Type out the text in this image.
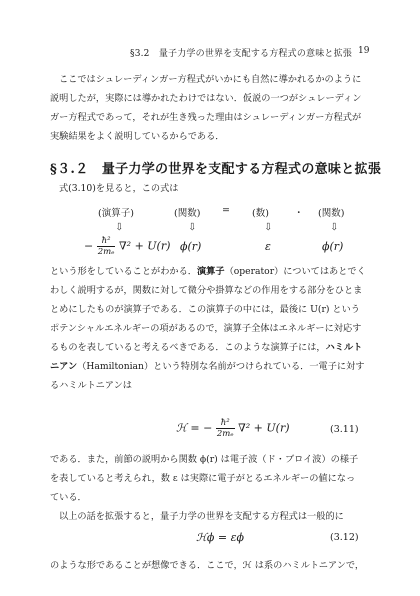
§3.2　量子力学の世界を支配する方程式の意味と拡張 19
ここではシュレーディンガー方程式がいかにも自然に導かれるかのように
説明したが，実際には導かれたわけではない．仮説の一つがシュレーディン
ガー方程式であって，それが生き残った理由はシュレーディンガー方程式が
実験結果をよく説明しているからである．
§３.２　量子力学の世界を支配する方程式の意味と拡張
式(3.10)を見ると，この式は
(演算子)	(関数) = (数)	・ (関数)
⇩	⇩	⇩	⇩
− $\frac{\text{ħ²}}{\text{2mₑ}} \nabla^2 + U(r)$ ϕ(r)	ε	ϕ(r)
という形をしていることがわかる．演算子（operator）についてはあとでく
わしく説明するが，関数に対して微分や掛算などの作用をする部分をひとま
とめにしたものが演算子である．この演算子の中には，最後に U(r) という
ポテンシャルエネルギーの項があるので，演算子全体はエネルギーに対応す
るものを表していると考えるべきである．このような演算子には，ハミルト
ニアン（Hamiltonian）という特別な名前がつけられている．一電子に対す
るハミルトニアンは
ℋ = − $\frac{\text{ħ²}}{\text{2mₑ}} \nabla^2 + U(r)$	(3.11)
である．また，前節の説明から関数 ϕ(r) は電子波（ド・ブロイ波）の様子
を表していると考えられ，数 ε は実際に電子がとるエネルギーの値になっ
ている．
以上の話を拡張すると，量子力学の世界を支配する方程式は一般的に
ℋϕ = εϕ	(3.12)
のような形であることが想像できる．ここで，ℋ は系のハミルトニアンで，
